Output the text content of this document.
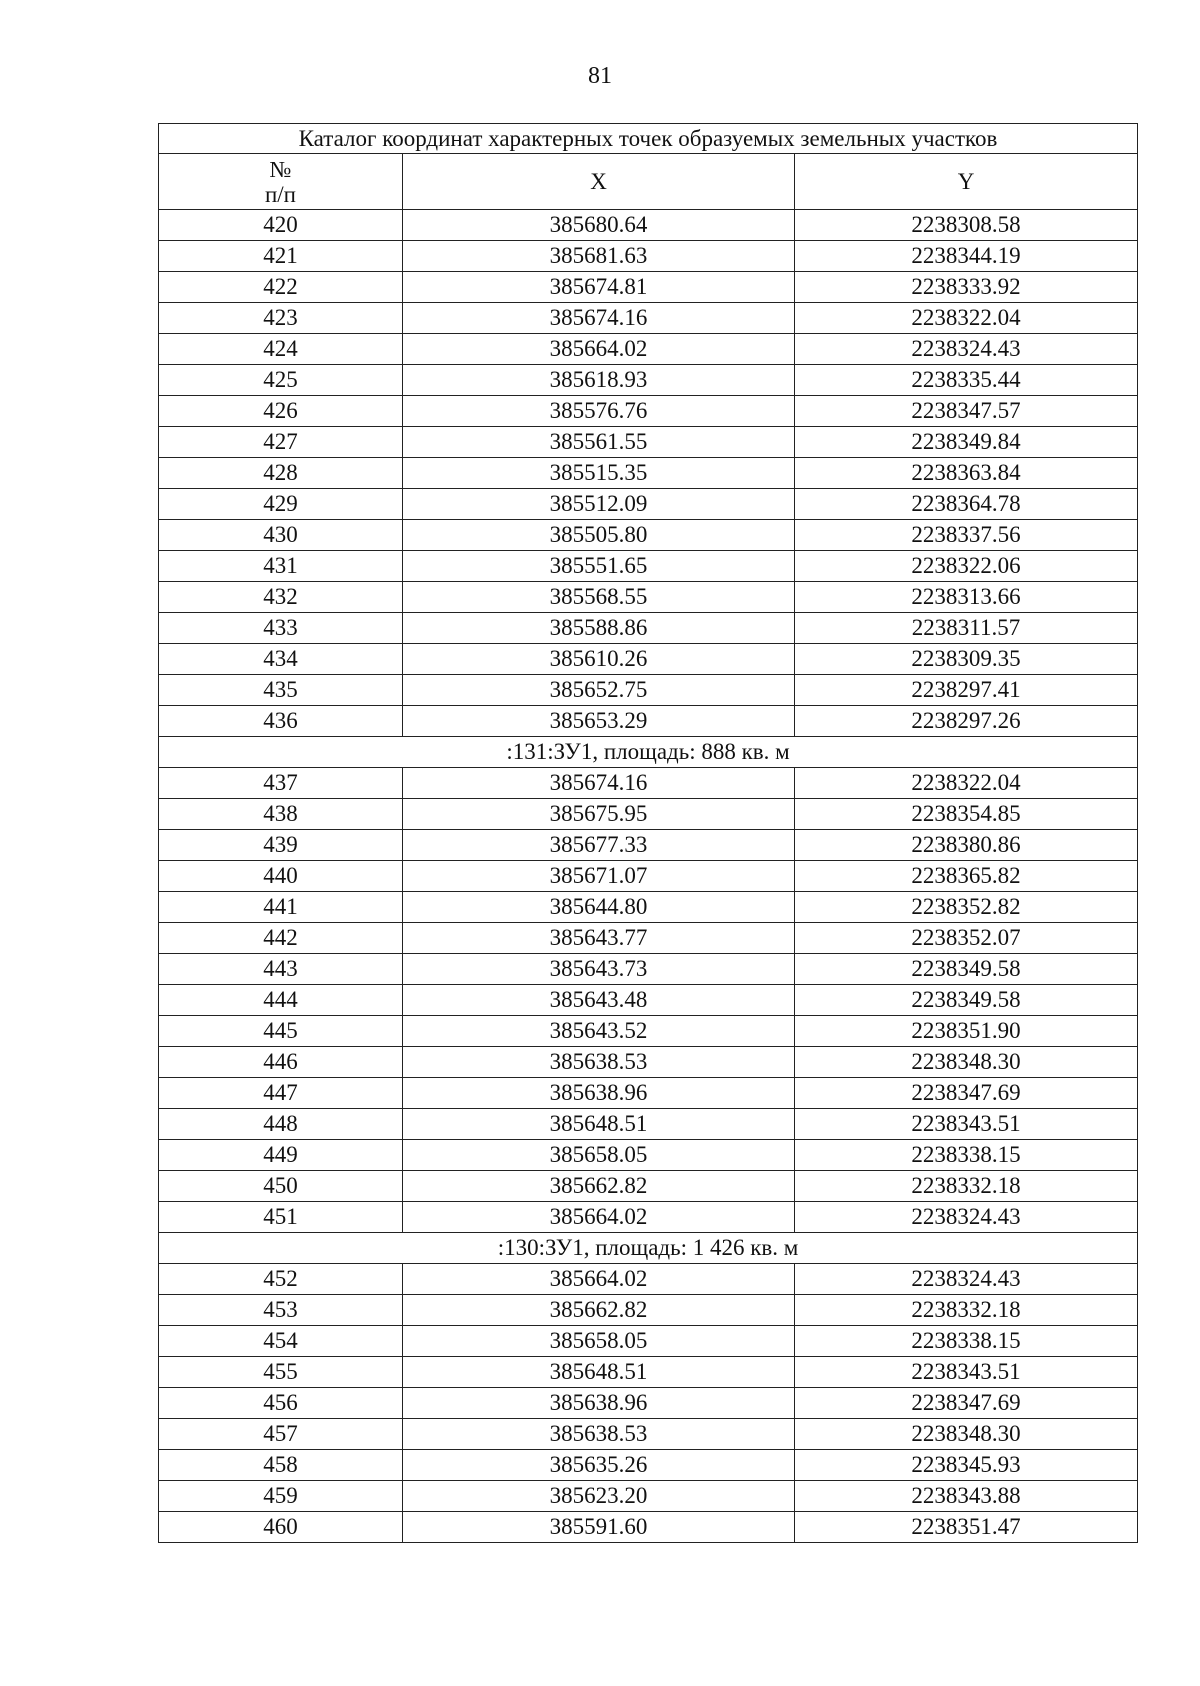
81
Каталог координат характерных точек образуемых земельных участков		

№
п/п	X	Y
420	385680.64	2238308.58
421	385681.63	2238344.19
422	385674.81	2238333.92
423	385674.16	2238322.04
424	385664.02	2238324.43
425	385618.93	2238335.44
426	385576.76	2238347.57
427	385561.55	2238349.84
428	385515.35	2238363.84
429	385512.09	2238364.78
430	385505.80	2238337.56
431	385551.65	2238322.06
432	385568.55	2238313.66
433	385588.86	2238311.57
434	385610.26	2238309.35
435	385652.75	2238297.41
436	385653.29	2238297.26
:131:ЗУ1, площадь: 888 кв. м		
437	385674.16	2238322.04
438	385675.95	2238354.85
439	385677.33	2238380.86
440	385671.07	2238365.82
441	385644.80	2238352.82
442	385643.77	2238352.07
443	385643.73	2238349.58
444	385643.48	2238349.58
445	385643.52	2238351.90
446	385638.53	2238348.30
447	385638.96	2238347.69
448	385648.51	2238343.51
449	385658.05	2238338.15
450	385662.82	2238332.18
451	385664.02	2238324.43
:130:ЗУ1, площадь: 1 426 кв. м		
452	385664.02	2238324.43
453	385662.82	2238332.18
454	385658.05	2238338.15
455	385648.51	2238343.51
456	385638.96	2238347.69
457	385638.53	2238348.30
458	385635.26	2238345.93
459	385623.20	2238343.88
460	385591.60	2238351.47
